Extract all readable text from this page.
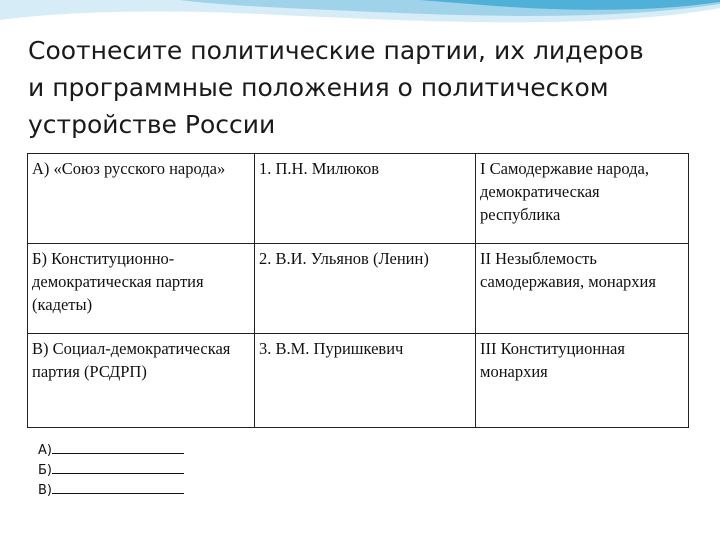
Соотнесите политические партии, их лидеров
и программные положения о политическом
устройстве России
А) «Союз русского народа»	1. П.Н. Милюков	I Самодержавие народа, демократическая республика
Б) Конституционно-демократическая партия (кадеты)	2. В.И. Ульянов (Ленин)	II Незыблемость самодержавия, монархия
В) Социал-демократическая партия (РСДРП)	3. В.М. Пуришкевич	III Конституционная монархия
А)
Б)
В)
